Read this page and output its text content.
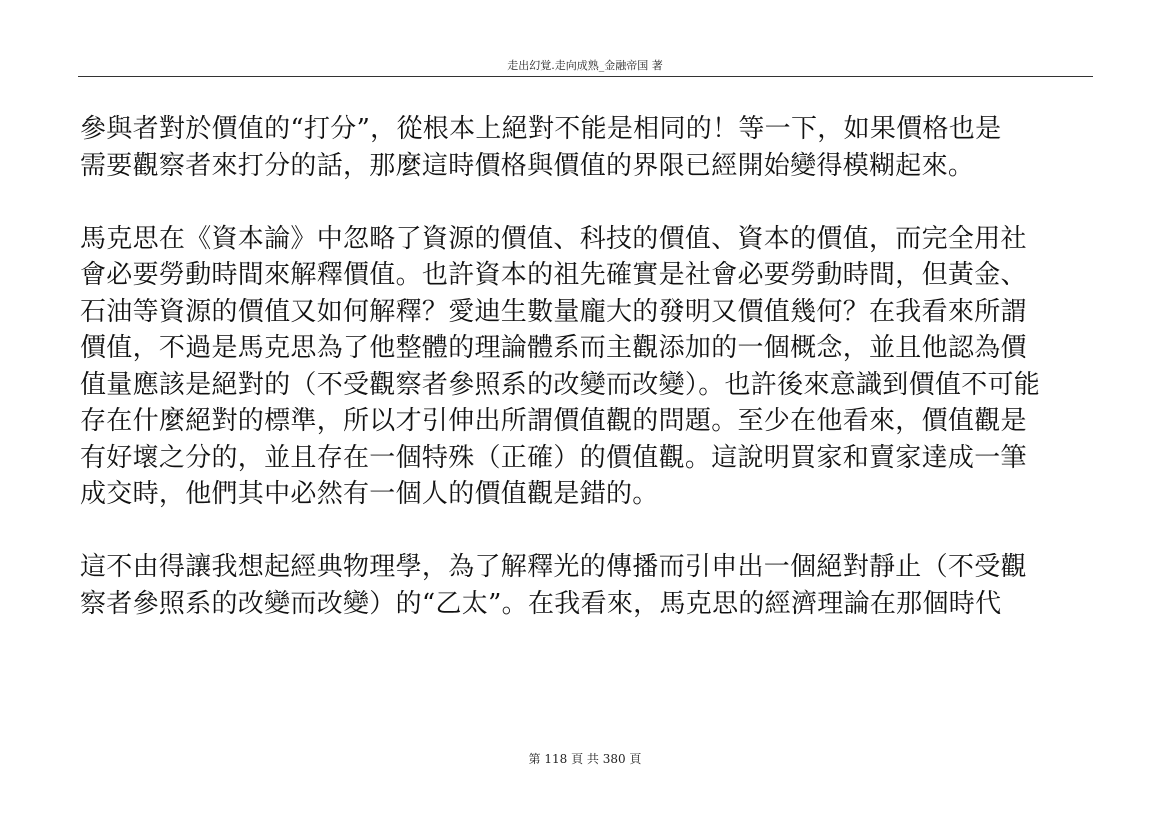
走出幻覚.走向成熟_金融帝国 著

參與者對於價值的“打分”，從根本上絕對不能是相同的！等一下，如果價格也是
需要觀察者來打分的話，那麼這時價格與價值的界限已經開始變得模糊起來。

馬克思在《資本論》中忽略了資源的價值、科技的價值、資本的價值，而完全用社
會必要勞動時間來解釋價值。也許資本的祖先確實是社會必要勞動時間，但黃金、
石油等資源的價值又如何解釋？愛迪生數量龐大的發明又價值幾何？在我看來所謂
價值，不過是馬克思為了他整體的理論體系而主觀添加的一個概念，並且他認為價
值量應該是絕對的（不受觀察者參照系的改變而改變）。也許後來意識到價值不可能
存在什麼絕對的標準，所以才引伸出所謂價值觀的問題。至少在他看來，價值觀是
有好壞之分的，並且存在一個特殊（正確）的價值觀。這說明買家和賣家達成一筆
成交時，他們其中必然有一個人的價值觀是錯的。

這不由得讓我想起經典物理學，為了解釋光的傳播而引申出一個絕對靜止（不受觀
察者參照系的改變而改變）的“乙太”。在我看來，馬克思的經濟理論在那個時代

第 118 頁 共 380 頁
